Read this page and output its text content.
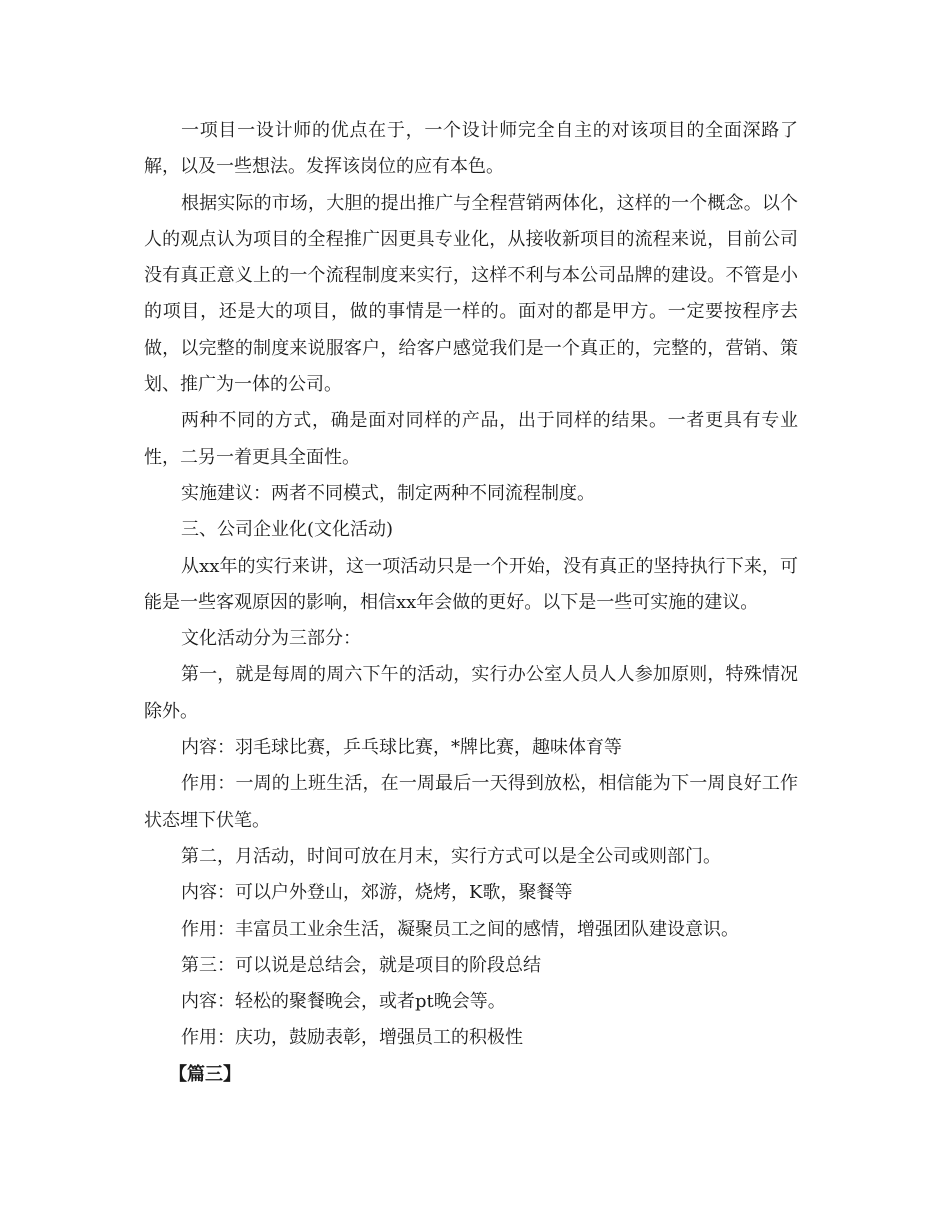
一项目一设计师的优点在于，一个设计师完全自主的对该项目的全面深路了解，以及一些想法。发挥该岗位的应有本色。

根据实际的市场，大胆的提出推广与全程营销两体化，这样的一个概念。以个人的观点认为项目的全程推广因更具专业化，从接收新项目的流程来说，目前公司没有真正意义上的一个流程制度来实行，这样不利与本公司品牌的建设。不管是小的项目，还是大的项目，做的事情是一样的。面对的都是甲方。一定要按程序去做，以完整的制度来说服客户，给客户感觉我们是一个真正的，完整的，营销、策划、推广为一体的公司。

两种不同的方式，确是面对同样的产品，出于同样的结果。一者更具有专业性，二另一着更具全面性。

实施建议：两者不同模式，制定两种不同流程制度。

三、公司企业化(文化活动)

从xx年的实行来讲，这一项活动只是一个开始，没有真正的坚持执行下来，可能是一些客观原因的影响，相信xx年会做的更好。以下是一些可实施的建议。

文化活动分为三部分：

第一，就是每周的周六下午的活动，实行办公室人员人人参加原则，特殊情况除外。

内容：羽毛球比赛，乒乓球比赛，*牌比赛，趣味体育等

作用：一周的上班生活，在一周最后一天得到放松，相信能为下一周良好工作状态埋下伏笔。

第二，月活动，时间可放在月末，实行方式可以是全公司或则部门。

内容：可以户外登山，郊游，烧烤，K歌，聚餐等

作用：丰富员工业余生活，凝聚员工之间的感情，增强团队建设意识。

第三：可以说是总结会，就是项目的阶段总结

内容：轻松的聚餐晚会，或者pt晚会等。

作用：庆功，鼓励表彰，增强员工的积极性

【篇三】
